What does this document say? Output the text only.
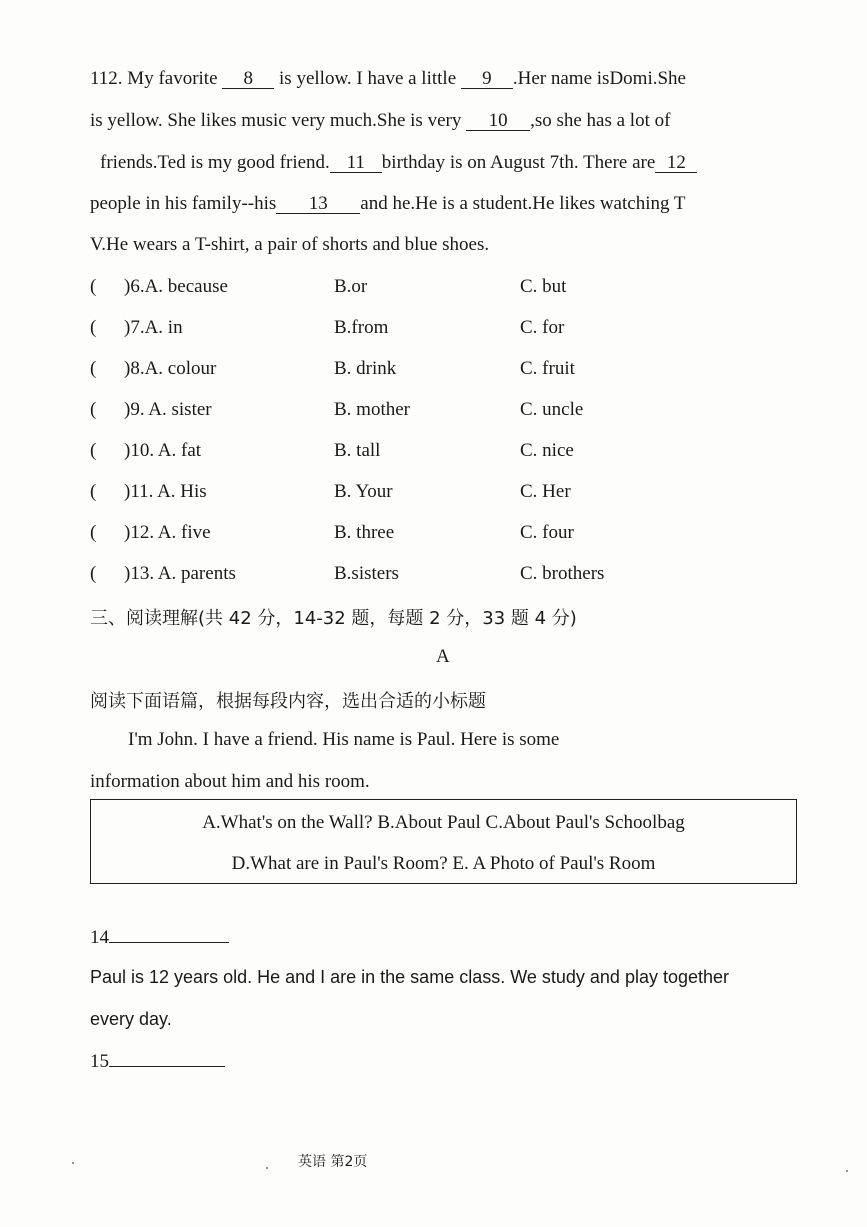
112. My favorite 8 is yellow. I have a little 9 .Her name isDomi.She
is yellow. She likes music very much.She is very 10 ,so she has a lot of
friends.Ted is my good friend. 11 birthday is on August 7th. There are 12
people in his family--his 13 and he.He is a student.He likes watching T
V.He wears a T-shirt, a pair of shorts and blue shoes.
( )6.A. because	B.or	C. but
( )7.A. in	B.from	C. for
( )8.A. colour	B. drink	C. fruit
( )9. A. sister	B. mother	C. uncle
( )10. A. fat	B. tall	C. nice
( )11. A. His	B. Your	C. Her
( )12. A. five	B. three	C. four
( )13. A. parents	B.sisters	C. brothers
三、阅读理解(共 42 分，14-32 题，每题 2 分，33 题 4 分)
A
阅读下面语篇，根据每段内容，选出合适的小标题
I'm John. I have a friend. His name is Paul. Here is some
information about him and his room.
A.What's on the Wall? B.About Paul C.About Paul's Schoolbag
D.What are in Paul's Room? E. A Photo of Paul's Room
14
Paul is 12 years old. He and I are in the same class. We study and play together
every day.
15
英语 第2页
